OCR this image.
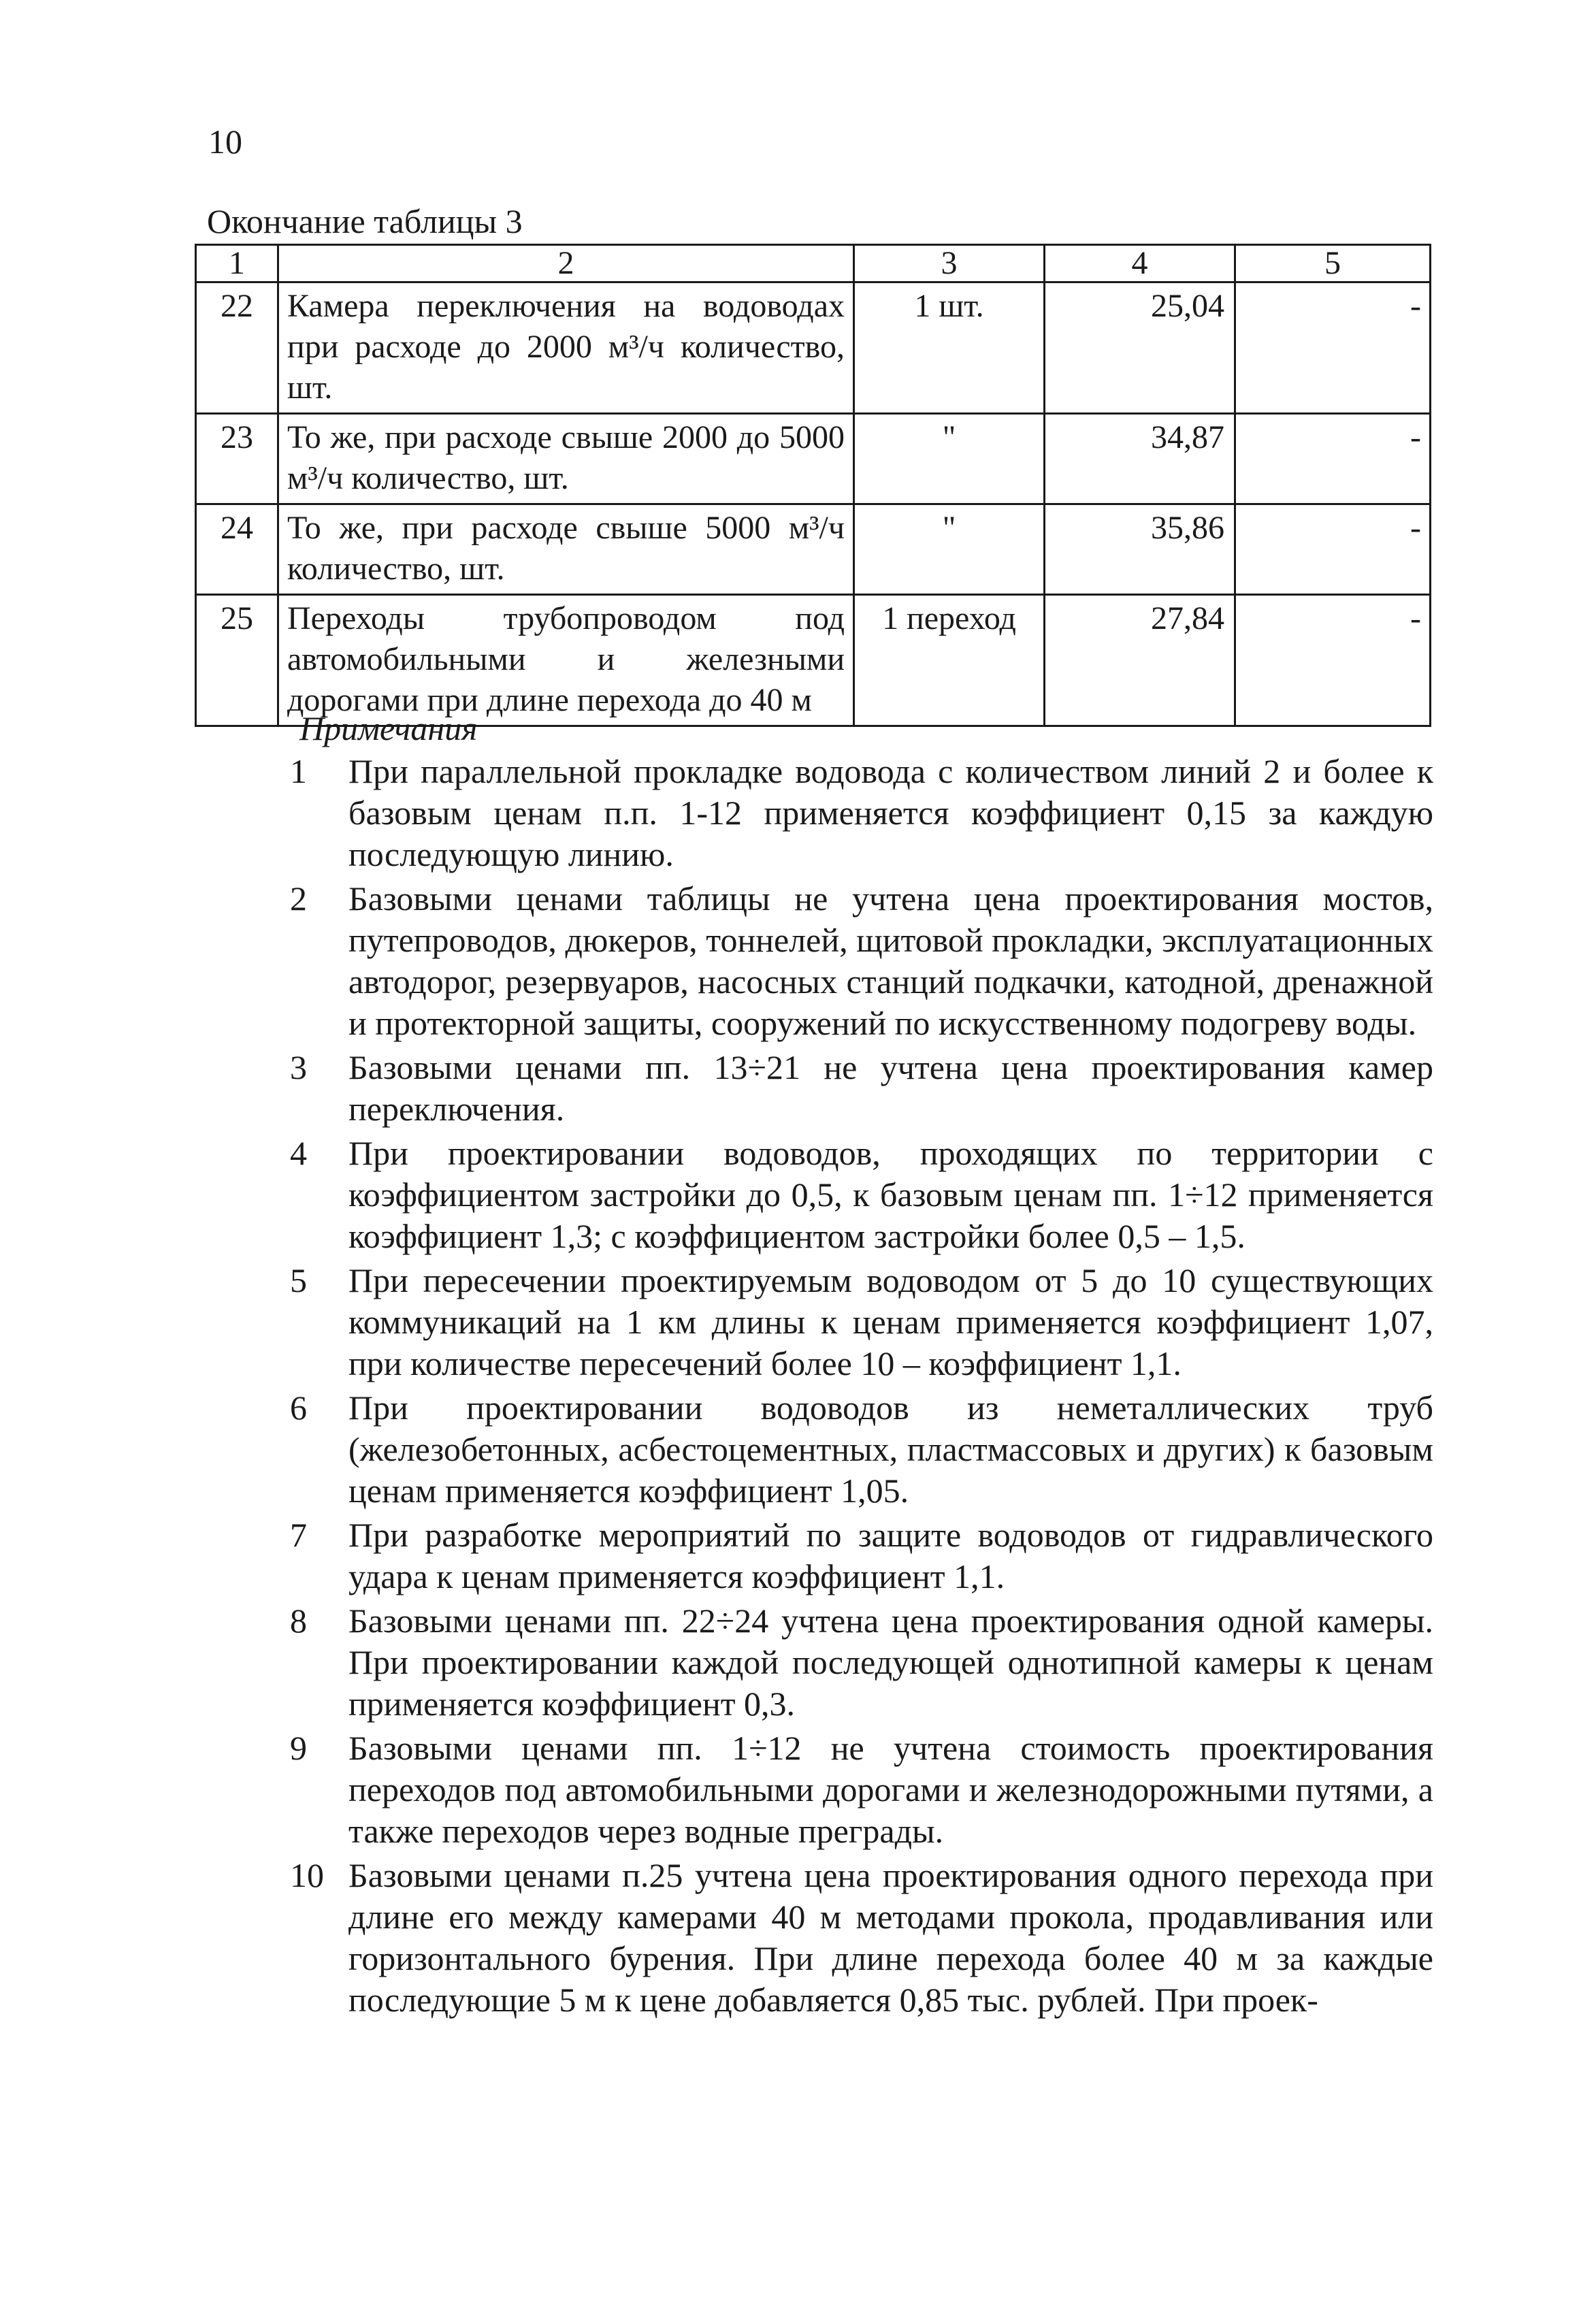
10
Окончание таблицы 3
1	2	3	4	5
22	Камера переключения на водоводах при расходе до 2000 м³/ч количество, шт.	1 шт.	25,04	-
23	То же, при расходе свыше 2000 до 5000 м³/ч количество, шт.	"	34,87	-
24	То же, при расходе свыше 5000 м³/ч количество, шт.	"	35,86	-
25	Переходы трубопроводом под автомобильными и железными дорогами при длине перехода до 40 м	1 переход	27,84	-
Примечания
1	При параллельной прокладке водовода с количеством линий 2 и более к базовым ценам п.п. 1-12 применяется коэффициент 0,15 за каждую последующую линию.
2	Базовыми ценами таблицы не учтена цена проектирования мостов, путепроводов, дюкеров, тоннелей, щитовой прокладки, эксплуатационных автодорог, резервуаров, насосных станций подкачки, катодной, дренажной и протекторной защиты, сооружений по искусственному подогреву воды.
3	Базовыми ценами пп. 13÷21 не учтена цена проектирования камер переключения.
4	При проектировании водоводов, проходящих по территории с коэффициентом застройки до 0,5, к базовым ценам пп. 1÷12 применяется коэффициент 1,3; с коэффициентом застройки более 0,5 – 1,5.
5	При пересечении проектируемым водоводом от 5 до 10 существующих коммуникаций на 1 км длины к ценам применяется коэффициент 1,07, при количестве пересечений более 10 – коэффициент 1,1.
6	При проектировании водоводов из неметаллических труб (железобетонных, асбестоцементных, пластмассовых и других) к базовым ценам применяется коэффициент 1,05.
7	При разработке мероприятий по защите водоводов от гидравлического удара к ценам применяется коэффициент 1,1.
8	Базовыми ценами пп. 22÷24 учтена цена проектирования одной камеры. При проектировании каждой последующей однотипной камеры к ценам применяется коэффициент 0,3.
9	Базовыми ценами пп. 1÷12 не учтена стоимость проектирования переходов под автомобильными дорогами и железнодорожными путями, а также переходов через водные преграды.
10 Базовыми ценами п.25 учтена цена проектирования одного перехода при длине его между камерами 40 м методами прокола, продавливания или горизонтального бурения. При длине перехода более 40 м за каждые последующие 5 м к цене добавляется 0,85 тыс. рублей. При проек-
